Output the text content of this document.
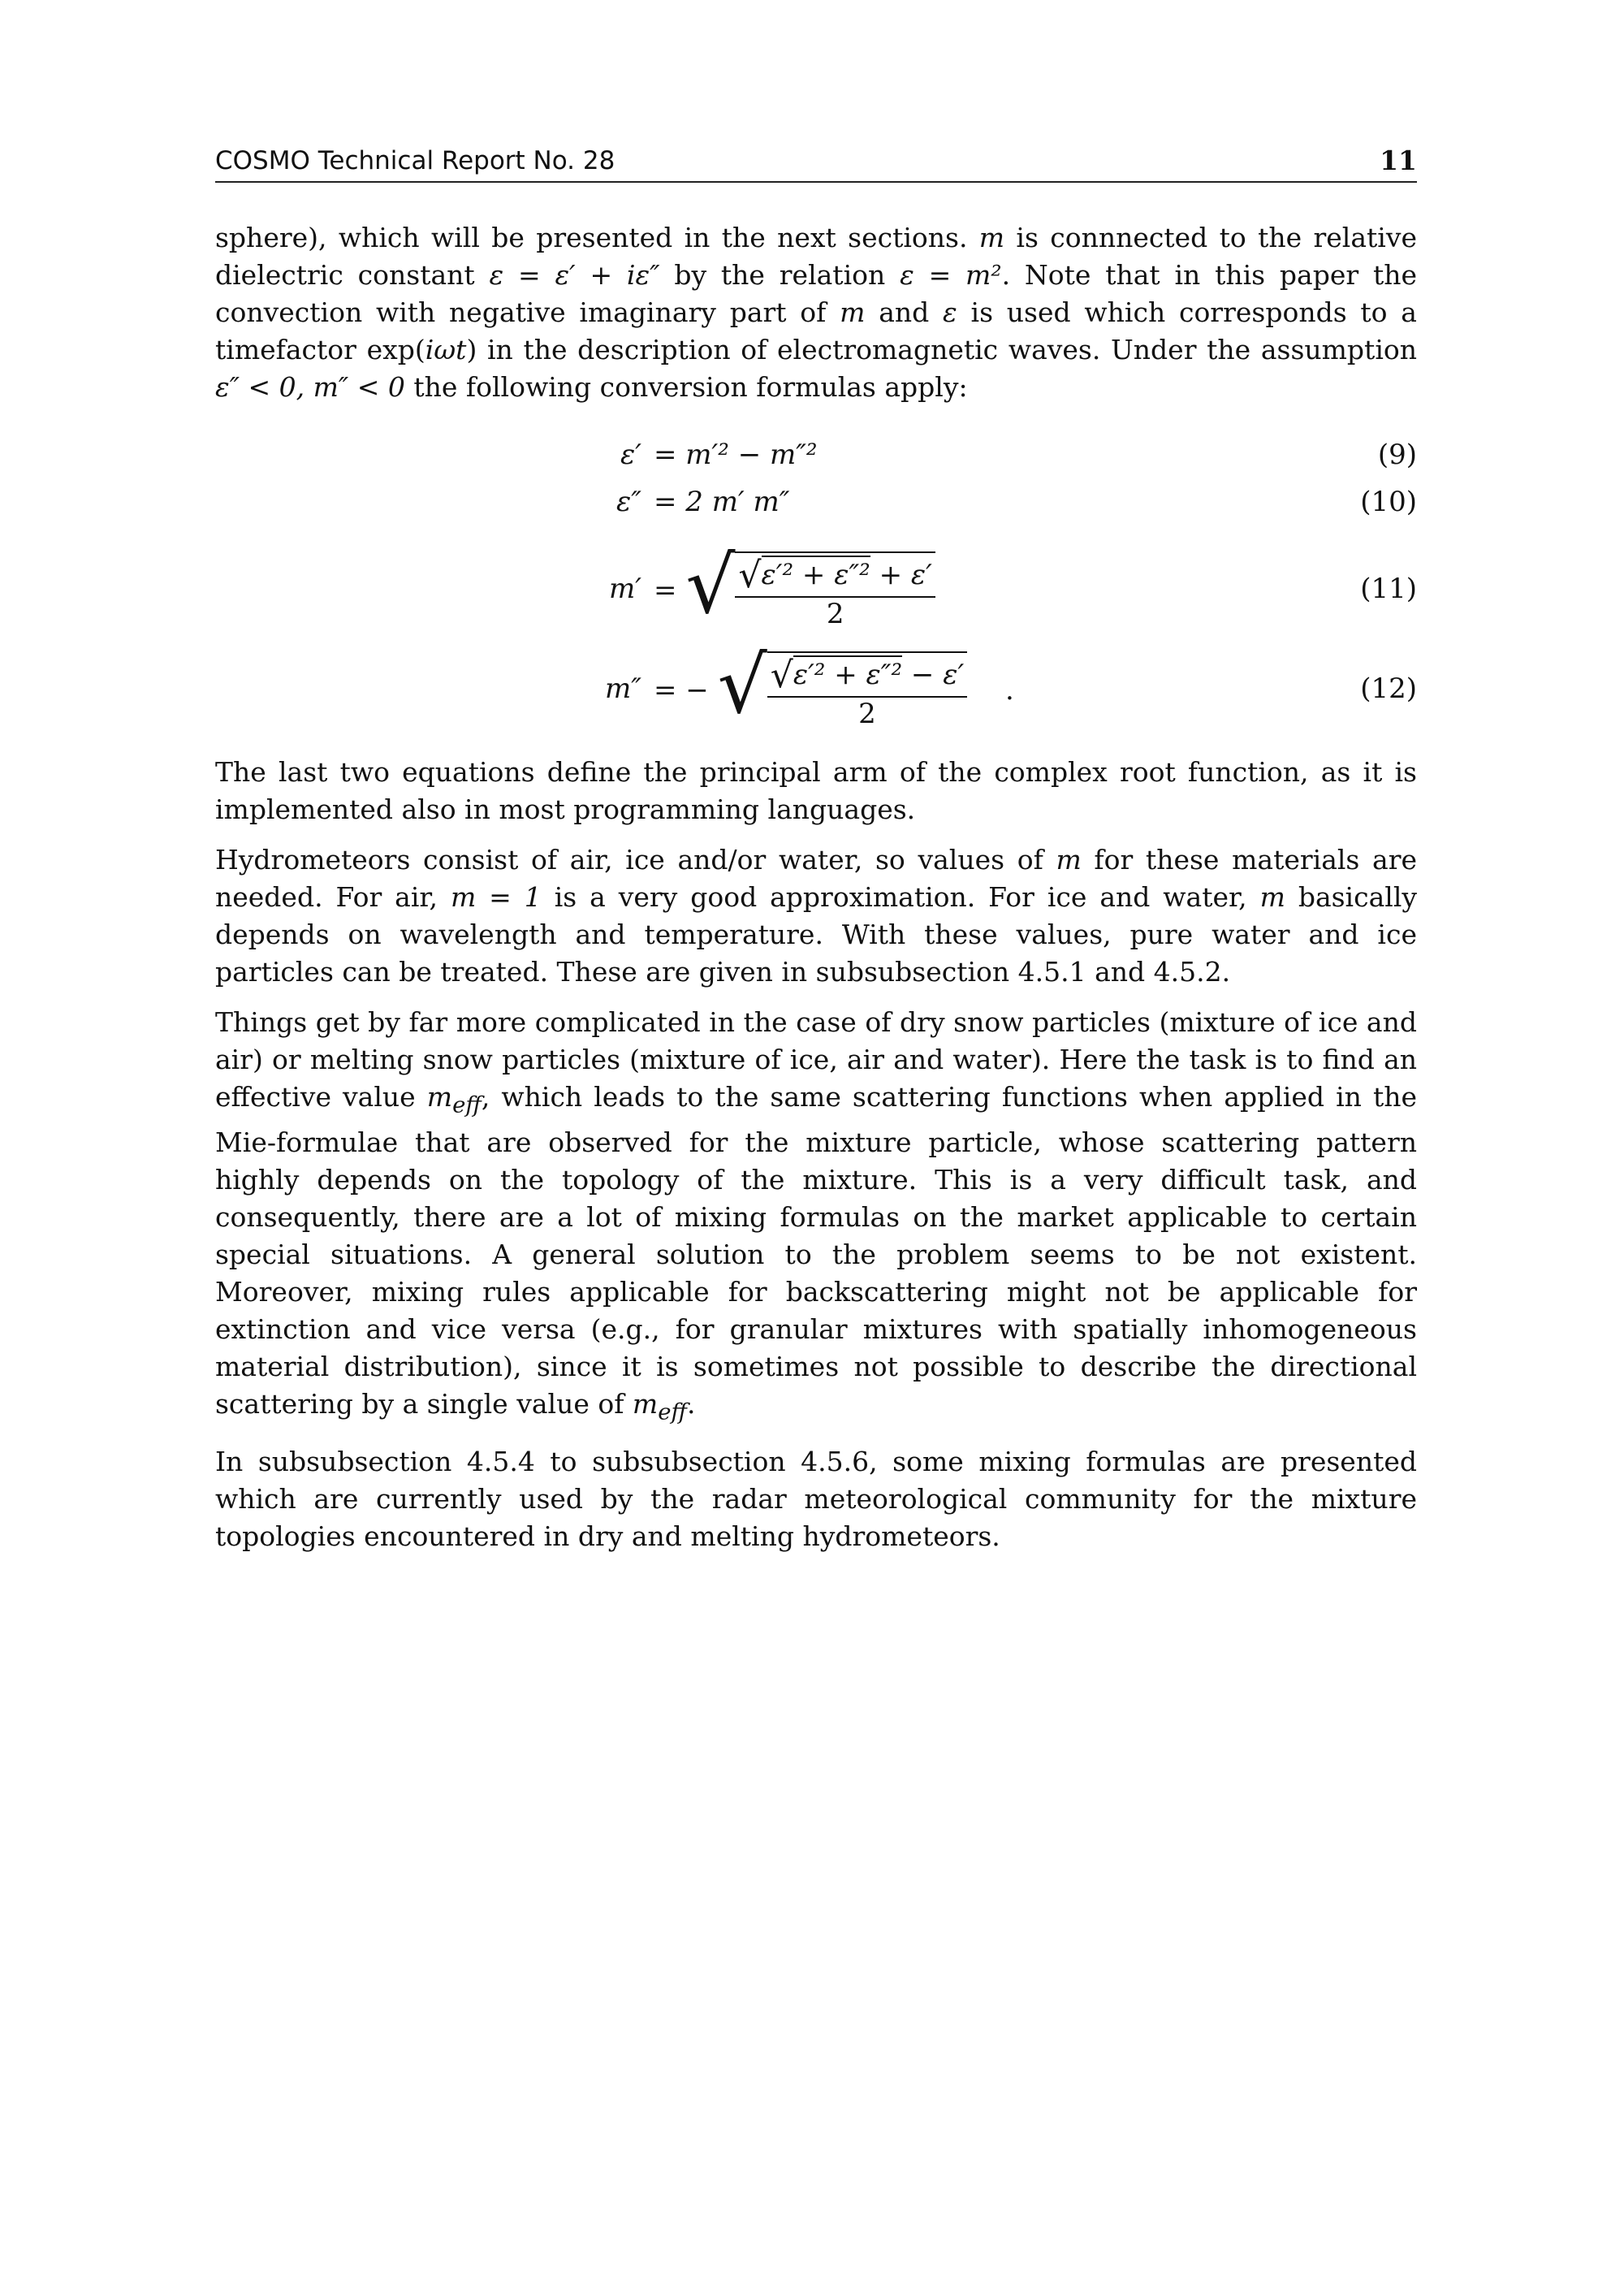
COSMO Technical Report No. 28	11

sphere), which will be presented in the next sections. m is connnected to the relative dielectric constant ε = ε′ + iε″ by the relation ε = m². Note that in this paper the convection with negative imaginary part of m and ε is used which corresponds to a timefactor exp(iωt) in the description of electromagnetic waves. Under the assumption ε″ < 0, m″ < 0 the following conversion formulas apply:

ε′ = m′² − m″²	(9)
ε″ = 2 m′ m″	(10)
m′ = √ $\frac{\text{√ε′² + ε″² + ε′}}{2}$	(11)
m″ = − √ $\frac{\text{√ε′² + ε″² − ε′}}{2}$ .	(12)

The last two equations define the principal arm of the complex root function, as it is implemented also in most programming languages.

Hydrometeors consist of air, ice and/or water, so values of m for these materials are needed. For air, m = 1 is a very good approximation. For ice and water, m basically depends on wavelength and temperature. With these values, pure water and ice particles can be treated. These are given in subsubsection 4.5.1 and 4.5.2.

Things get by far more complicated in the case of dry snow particles (mixture of ice and air) or melting snow particles (mixture of ice, air and water). Here the task is to find an effective value $m_{eff}$, which leads to the same scattering functions when applied in the Mie-formulae that are observed for the mixture particle, whose scattering pattern highly depends on the topology of the mixture. This is a very difficult task, and consequently, there are a lot of mixing formulas on the market applicable to certain special situations. A general solution to the problem seems to be not existent. Moreover, mixing rules applicable for backscattering might not be applicable for extinction and vice versa (e.g., for granular mixtures with spatially inhomogeneous material distribution), since it is sometimes not possible to describe the directional scattering by a single value of $m_{eff}$.

In subsubsection 4.5.4 to subsubsection 4.5.6, some mixing formulas are presented which are currently used by the radar meteorological community for the mixture topologies encountered in dry and melting hydrometeors.
